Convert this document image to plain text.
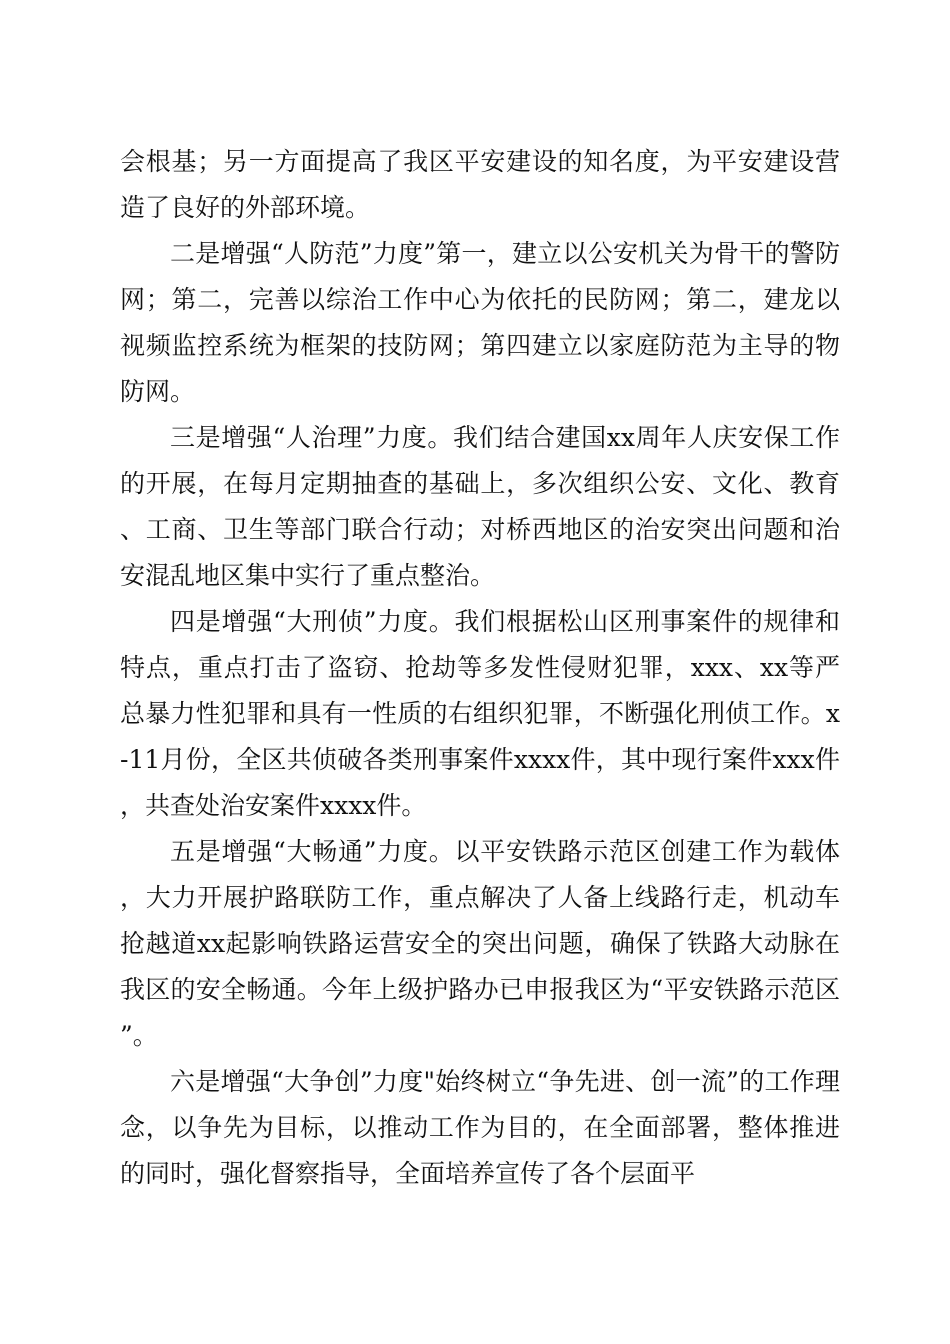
会根基；另一方面提高了我区平安建设的知名度，为平安建设营造了良好的外部环境。

二是增强“人防范”力度”第一，建立以公安机关为骨干的警防网；第二，完善以综治工作中心为依托的民防网；第二，建龙以视频监控系统为框架的技防网；第四建立以家庭防范为主导的物防网。

三是增强“人治理”力度。我们结合建国xx周年人庆安保工作的开展，在每月定期抽查的基础上，多次组织公安、文化、教育、工商、卫生等部门联合行动；对桥西地区的治安突出问题和治安混乱地区集中实行了重点整治。

四是增强“大刑侦”力度。我们根据松山区刑事案件的规律和特点，重点打击了盗窃、抢劫等多发性侵财犯罪，xxx、xx等严总暴力性犯罪和具有一性质的右组织犯罪，不断强化刑侦工作。x-11月份，全区共侦破各类刑事案件xxxx件，其中现行案件xxx件，共查处治安案件xxxx件。

五是增强“大畅通”力度。以平安铁路示范区创建工作为载体，大力开展护路联防工作，重点解决了人备上线路行走，机动车抢越道xx起影响铁路运营安全的突出问题，确保了铁路大动脉在我区的安全畅通。今年上级护路办已申报我区为“平安铁路示范区”。

六是增强“大争创”力度"始终树立“争先进、创一流”的工作理念，以争先为目标，以推动工作为目的，在全面部署，整体推进的同时，强化督察指导，全面培养宣传了各个层面平
